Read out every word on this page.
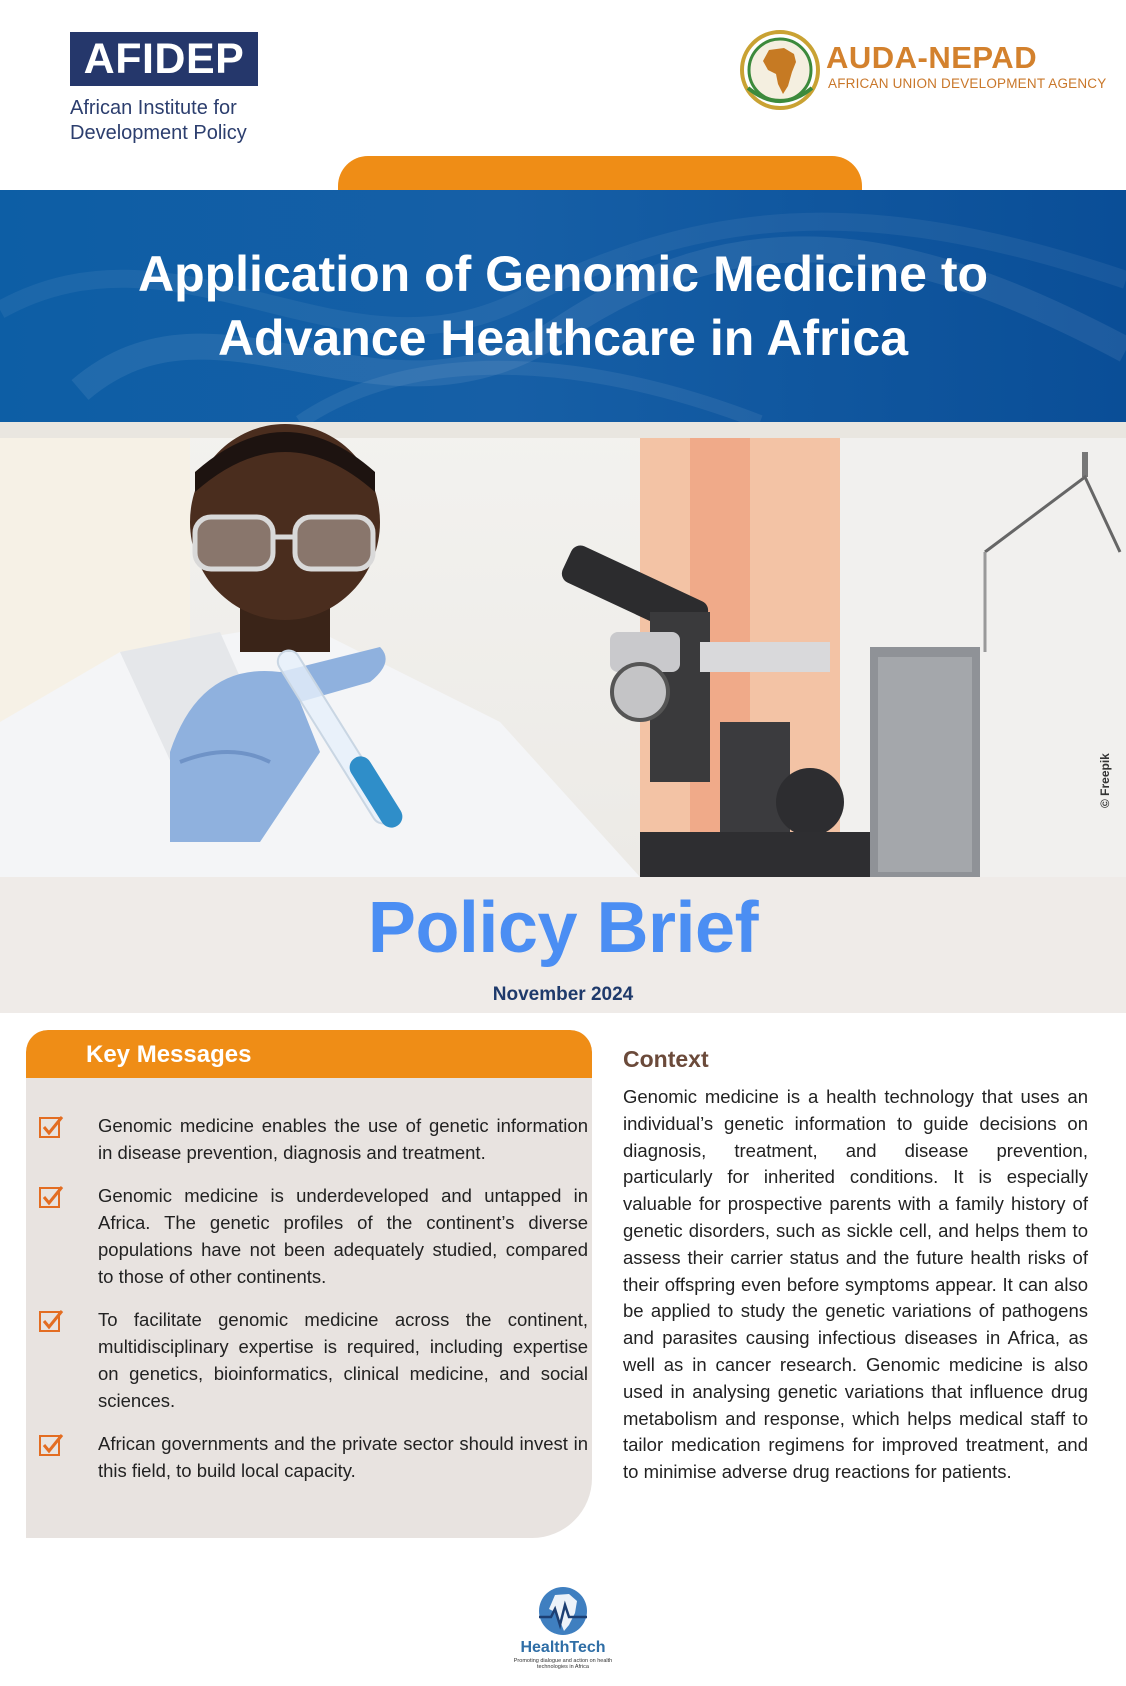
AFIDEP
African Institute for Development Policy
AUDA-NEPAD
AFRICAN UNION DEVELOPMENT AGENCY
Application of Genomic Medicine to
Advance Healthcare in Africa
© Freepik
Policy Brief
November 2024
Key Messages
Genomic medicine enables the use of genetic information in disease prevention, diagnosis and treatment.
Genomic medicine is underdeveloped and untapped in Africa. The genetic profiles of the continent’s diverse populations have not been adequately studied, compared to those of other continents.
To facilitate genomic medicine across the continent, multidisciplinary expertise is required, including expertise on genetics, bioinformatics, clinical medicine, and social sciences.
African governments and the private sector should invest in this field, to build local capacity.
Context
Genomic medicine is a health technology that uses an individual’s genetic information to guide decisions on diagnosis, treatment, and disease prevention, particularly for inherited conditions. It is especially valuable for prospective parents with a family history of genetic disorders, such as sickle cell, and helps them to assess their carrier status and the future health risks of their offspring even before symptoms appear. It can also be applied to study the genetic variations of pathogens and parasites causing infectious diseases in Africa, as well as in cancer research. Genomic medicine is also used in analysing genetic variations that influence drug metabolism and response, which helps medical staff to tailor medication regimens for improved treatment, and to minimise adverse drug reactions for patients.
HealthTech
Promoting dialogue and action on health technologies in Africa
